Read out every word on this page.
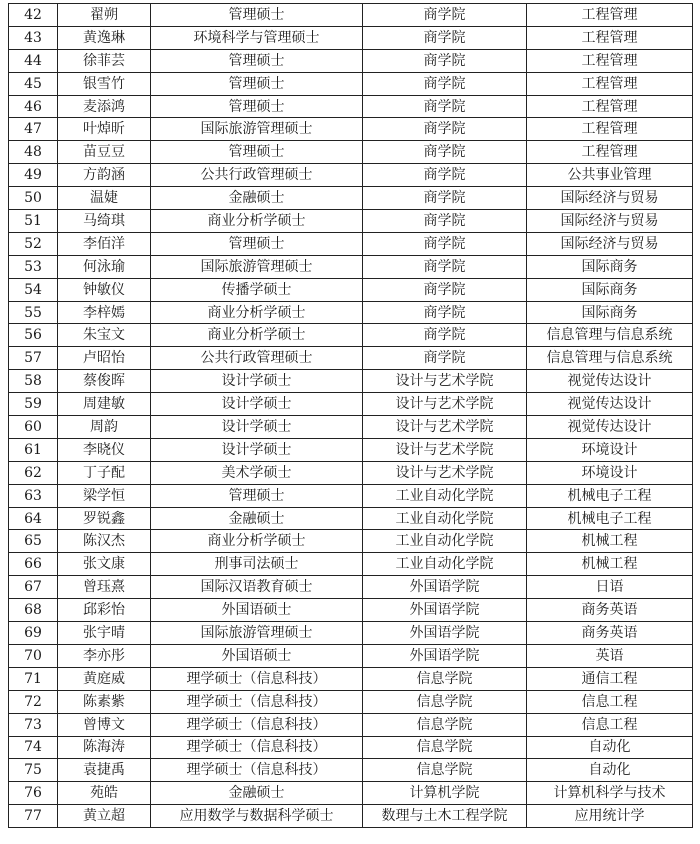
42	翟朔	管理硕士	商学院	工程管理
43	黄逸琳	环境科学与管理硕士	商学院	工程管理
44	徐菲芸	管理硕士	商学院	工程管理
45	银雪竹	管理硕士	商学院	工程管理
46	麦添鸿	管理硕士	商学院	工程管理
47	叶焯昕	国际旅游管理硕士	商学院	工程管理
48	苗豆豆	管理硕士	商学院	工程管理
49	方韵涵	公共行政管理硕士	商学院	公共事业管理
50	温婕	金融硕士	商学院	国际经济与贸易
51	马绮琪	商业分析学硕士	商学院	国际经济与贸易
52	李佰洋	管理硕士	商学院	国际经济与贸易
53	何泳瑜	国际旅游管理硕士	商学院	国际商务
54	钟敏仪	传播学硕士	商学院	国际商务
55	李梓嫣	商业分析学硕士	商学院	国际商务
56	朱宝文	商业分析学硕士	商学院	信息管理与信息系统
57	卢昭怡	公共行政管理硕士	商学院	信息管理与信息系统
58	蔡俊晖	设计学硕士	设计与艺术学院	视觉传达设计
59	周建敏	设计学硕士	设计与艺术学院	视觉传达设计
60	周韵	设计学硕士	设计与艺术学院	视觉传达设计
61	李晓仪	设计学硕士	设计与艺术学院	环境设计
62	丁子配	美术学硕士	设计与艺术学院	环境设计
63	梁学恒	管理硕士	工业自动化学院	机械电子工程
64	罗锐鑫	金融硕士	工业自动化学院	机械电子工程
65	陈汉杰	商业分析学硕士	工业自动化学院	机械工程
66	张文康	刑事司法硕士	工业自动化学院	机械工程
67	曾珏熹	国际汉语教育硕士	外国语学院	日语
68	邱彩怡	外国语硕士	外国语学院	商务英语
69	张宇晴	国际旅游管理硕士	外国语学院	商务英语
70	李亦彤	外国语硕士	外国语学院	英语
71	黄庭威	理学硕士（信息科技）	信息学院	通信工程
72	陈素紫	理学硕士（信息科技）	信息学院	信息工程
73	曾博文	理学硕士（信息科技）	信息学院	信息工程
74	陈海涛	理学硕士（信息科技）	信息学院	自动化
75	袁捷禹	理学硕士（信息科技）	信息学院	自动化
76	苑皓	金融硕士	计算机学院	计算机科学与技术
77	黄立超	应用数学与数据科学硕士	数理与土木工程学院	应用统计学
